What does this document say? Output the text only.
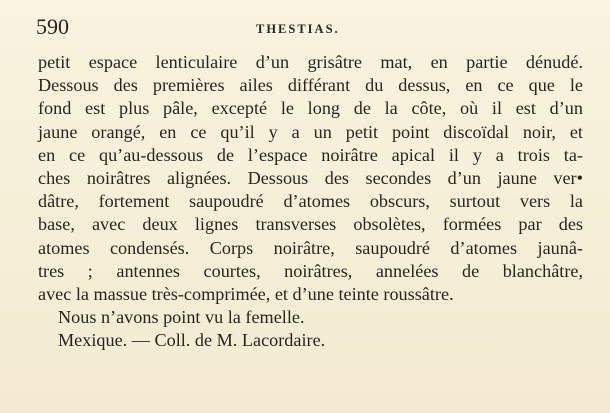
590	THESTIAS.
petit espace lenticulaire d’un grisâtre mat, en partie dénudé.
Dessous des premières ailes différant du dessus, en ce que le
fond est plus pâle, excepté le long de la côte, où il est d’un
jaune orangé, en ce qu’il y a un petit point discoïdal noir, et
en ce qu’au-dessous de l’espace noirâtre apical il y a trois ta-
ches noirâtres alignées. Dessous des secondes d’un jaune ver•
dâtre, fortement saupoudré d’atomes obscurs, surtout vers la
base, avec deux lignes transverses obsolètes, formées par des
atomes condensés. Corps noirâtre, saupoudré d’atomes jaunâ-
tres ; antennes courtes, noirâtres, annelées de blanchâtre,
avec la massue très-comprimée, et d’une teinte roussâtre.
Nous n’avons point vu la femelle.
Mexique. — Coll. de M. Lacordaire.
